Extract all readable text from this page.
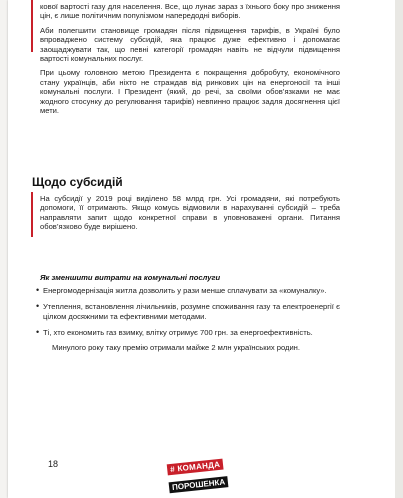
кової вартості газу для населення. Все, що лунає зараз з їхнього боку про зниження цін, є лише політичним популізмом напередодні виборів.

Аби полегшити становище громадян після підвищення тарифів, в Україні було впроваджено систему субсидій, яка працює дуже ефективно і допомагає заощаджувати так, що певні категорії громадян навіть не відчули підвищення вартості комунальних послуг.

При цьому головною метою Президента є покращення добробуту, економічного стану українців, аби ніхто не страждав від ринкових цін на енергоносії та інші комунальні послуги. І Президент (який, до речі, за своїми обов’язками не має жодного стосунку до регулювання тарифів) невпинно працює задля досягнення цієї мети.

Щодо субсидій

На субсидії у 2019 році виділено 58 млрд грн. Усі громадяни, які потребують допомоги, її отримають. Якщо комусь відмовили в нарахуванні субсидій – треба направляти запит щодо конкретної справи в уповноважені органи. Питання обов’язково буде вирішено.

Як зменшити витрати на комунальні послуги
• Енергомодернізація житла дозволить у рази менше сплачувати за «комуналку».
• Утеплення, встановлення лічильників, розумне споживання газу та електроенергії є цілком досяжними та ефективними методами.
• Ті, хто економить газ взимку, влітку отримує 700 грн. за енергоефективність.
Минулого року таку премію отримали майже 2 млн українських родин.
18
# КОМАНДА
ПОРОШЕНКА
